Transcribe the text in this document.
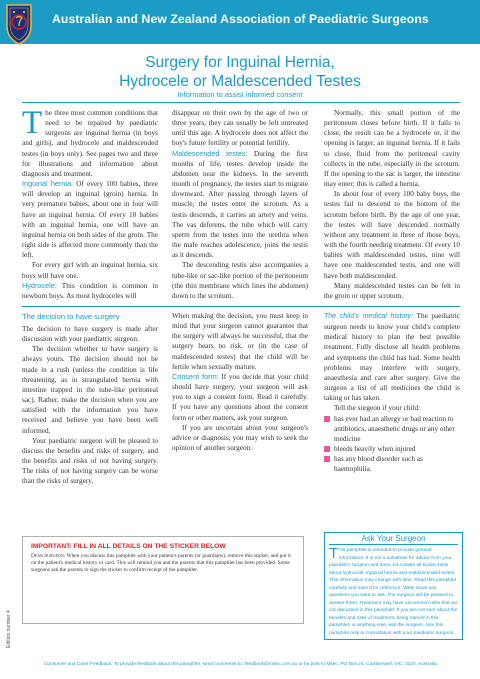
Australian and New Zealand Association of Paediatric Surgeons
Surgery for Inguinal Hernia,
Hydrocele or Maldescended Testes
Information to assist informed consent

The three most common conditions that need to be repaired by paediatric surgeons are inguinal hernia (in boys and girls), and hydrocele and maldescended testes (in boys only). See pages two and three for illustrations and information about diagnosis and treatment.

Inguinal hernia: Of every 100 babies, three will develop an inguinal (groin) hernia. In very premature babies, about one in four will have an inguinal hernia. Of every 10 babies with an inguinal hernia, one will have an inguinal hernia on both sides of the groin. The right side is affected more commonly than the left.

For every girl with an inguinal hernia, six boys will have one.

Hydrocele: This condition is common in newborn boys. As most hydroceles will

disappear on their own by the age of two or three years, they can usually be left untreated until this age. A hydrocele does not affect the boy's future fertility or potential fertility.

Maldescended testes: During the first months of life, testes develop inside the abdomen near the kidneys. In the seventh month of pregnancy, the testes start to migrate downward. After passing through layers of muscle, the testes enter the scrotum. As a testis descends, it carries an artery and veins. The vas deferens, the tube which will carry sperm from the testes into the urethra when the male reaches adolescence, joins the testis as it descends.

The descending testis also accompanies a tube-like or sac-like portion of the peritoneum (the thin membrane which lines the abdomen) down to the scrotum.

Normally, this small portion of the peritoneum closes before birth. If it fails to close, the result can be a hydrocele or, if the opening is larger, an inguinal hernia. If it fails to close, fluid from the peritoneal cavity collects in the tube, especially in the scrotum. If the opening to the sac is larger, the intestine may enter; this is called a hernia.

In about four of every 100 baby boys, the testes fail to descend to the bottom of the scrotum before birth. By the age of one year, the testes will have descended normally without any treatment in three of those boys, with the fourth needing treatment. Of every 10 babies with maldescended testes, nine will have one maldescended testis, and one will have both maldescended.

Many maldescended testes can be felt in the groin or upper scrotum.

The decision to have surgery

The decision to have surgery is made after discussion with your paediatric surgeon.

The decision whether to have surgery is always yours. The decision should not be made in a rush (unless the condition is life threatening, as in strangulated hernia with intestine trapped in the tube-like peritoneal sac). Rather, make the decision when you are satisfied with the information you have received and believe you have been well informed.

Your paediatric surgeon will be pleased to discuss the benefits and risks of surgery, and the benefits and risks of not having surgery. The risks of not having surgery can be worse than the risks of surgery.

When making the decision, you must keep in mind that your surgeon cannot guarantee that the surgery will always be successful, that the surgery bears no risk, or (in the case of maldescended testes) that the child will be fertile when sexually mature.

Consent form: If you decide that your child should have surgery, your surgeon will ask you to sign a consent form. Read it carefully. If you have any questions about the consent form or other matters, ask your surgeon.

If you are uncertain about your surgeon's advice or diagnosis, you may wish to seek the opinion of another surgeon.

The child's medical history: The paediatric surgeon needs to know your child's complete medical history to plan the best possible treatment. Fully disclose all health problems and symptoms the child has had. Some health problems may interfere with surgery, anaesthesia and care after surgery. Give the surgeon a list of all medicines the child is taking or has taken.

Tell the surgeon if your child:

has ever had an allergy or bad reaction to antibiotics, anaesthetic drugs or any other medicine
bleeds heavily when injured
has any blood disorder such as haemophilia.
IMPORTANT: FILL IN ALL DETAILS ON THE STICKER BELOW
Dear Surgeon: When you discuss this pamphlet with your patient's parents (or guardians), remove this sticker, and put it on the patient's medical history or card. This will remind you and the parents that this pamphlet has been provided. Some surgeons ask the parents to sign the sticker to confirm receipt of the pamphlet.
Ask Your Surgeon
This pamphlet is intended to provide general information. It is not a substitute for advice from your paediatric surgeon and does not contain all known facts about hydrocele, inguinal hernia and maldescended testes. This information may change with time. Read this pamphlet carefully and save it for reference. Write down any questions you want to ask. The surgeon will be pleased to answer them. Treatment may have uncommon risks that are not discussed in this pamphlet. If you are not sure about the benefits and risks of treatment, being named in this pamphlet, or anything else, ask the surgeon. Use this pamphlet only in consultation with your paediatric surgeon.
Edition number 4
Consumer and Carer Feedback: To provide feedback about this pamphlet, send comments to: feedback@mitec.com.au or by post to Mitec, PO Box 24, Camberwell, VIC, 3124, Australia.
